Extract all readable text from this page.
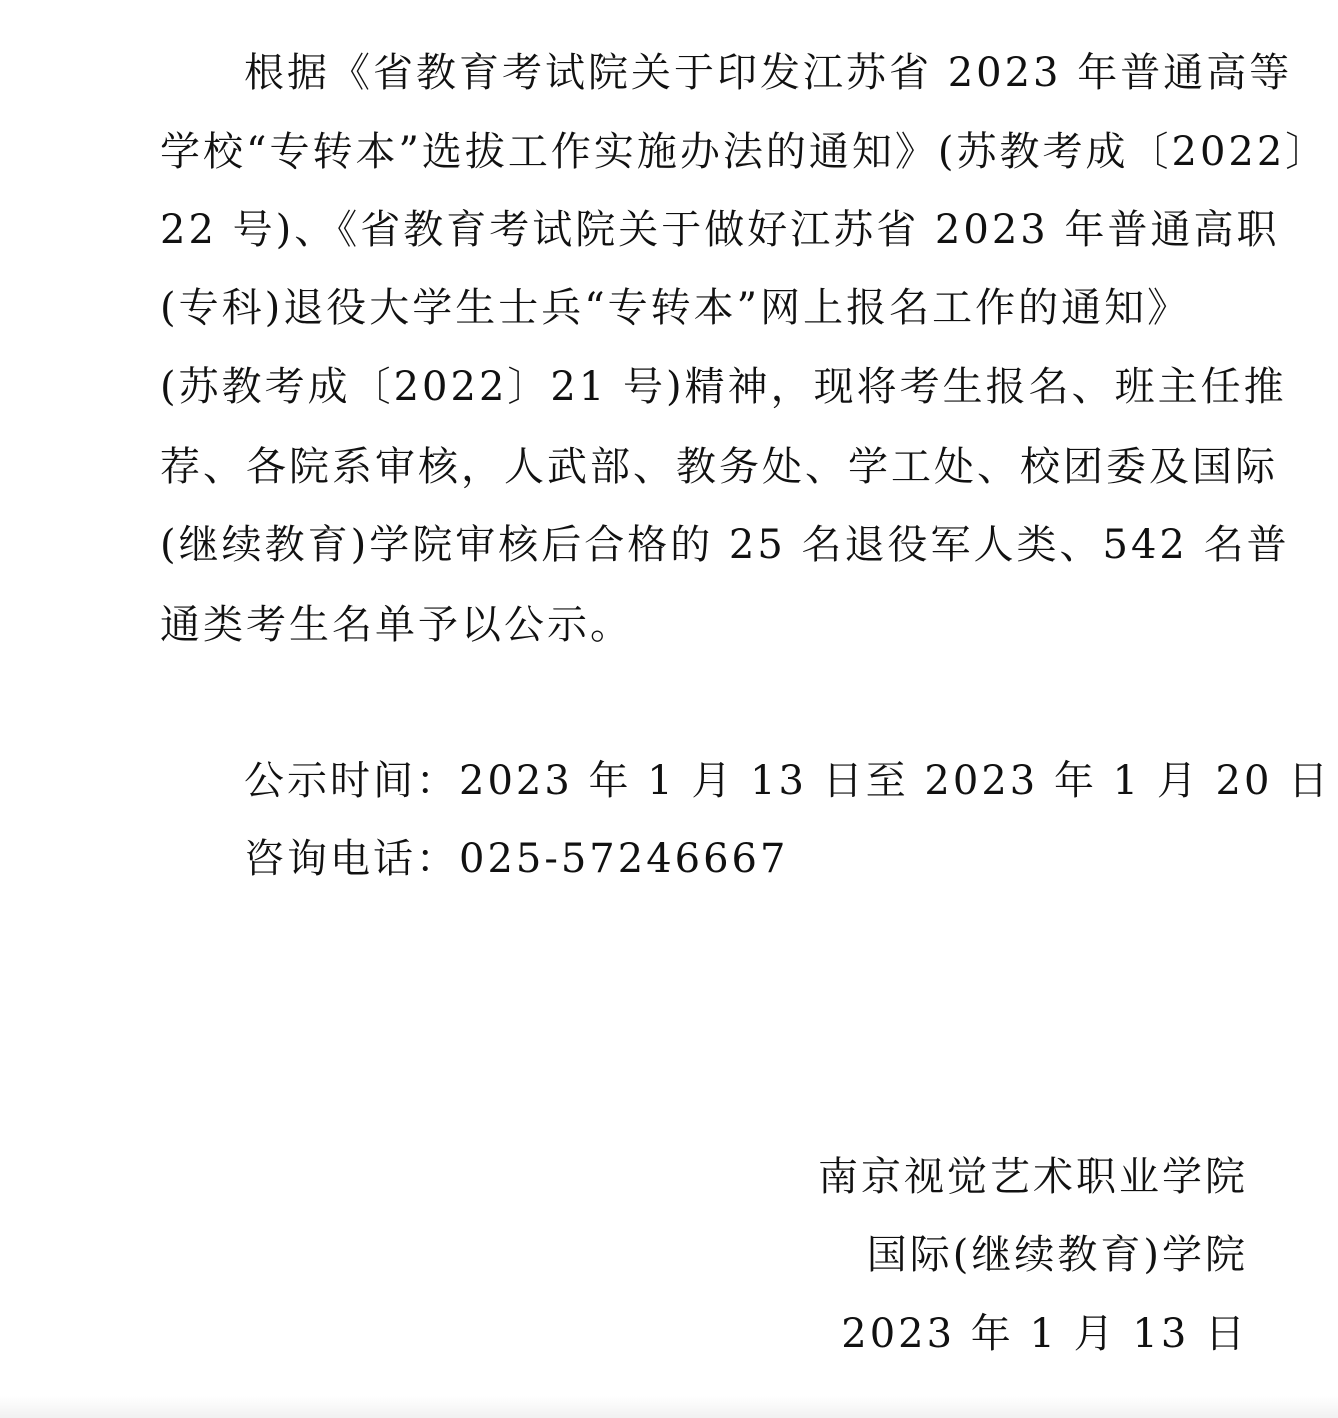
根据《省教育考试院关于印发江苏省 2023 年普通高等
学校“专转本”选拔工作实施办法的通知》(苏教考成〔2022〕
22 号)、《省教育考试院关于做好江苏省 2023 年普通高职
(专科)退役大学生士兵“专转本”网上报名工作的通知》
(苏教考成〔2022〕21 号)精神，现将考生报名、班主任推
荐、各院系审核，人武部、教务处、学工处、校团委及国际
(继续教育)学院审核后合格的 25 名退役军人类、542 名普
通类考生名单予以公示。
公示时间：2023 年 1 月 13 日至 2023 年 1 月 20 日
咨询电话：025-57246667
南京视觉艺术职业学院
国际(继续教育)学院
2023 年 1 月 13 日
